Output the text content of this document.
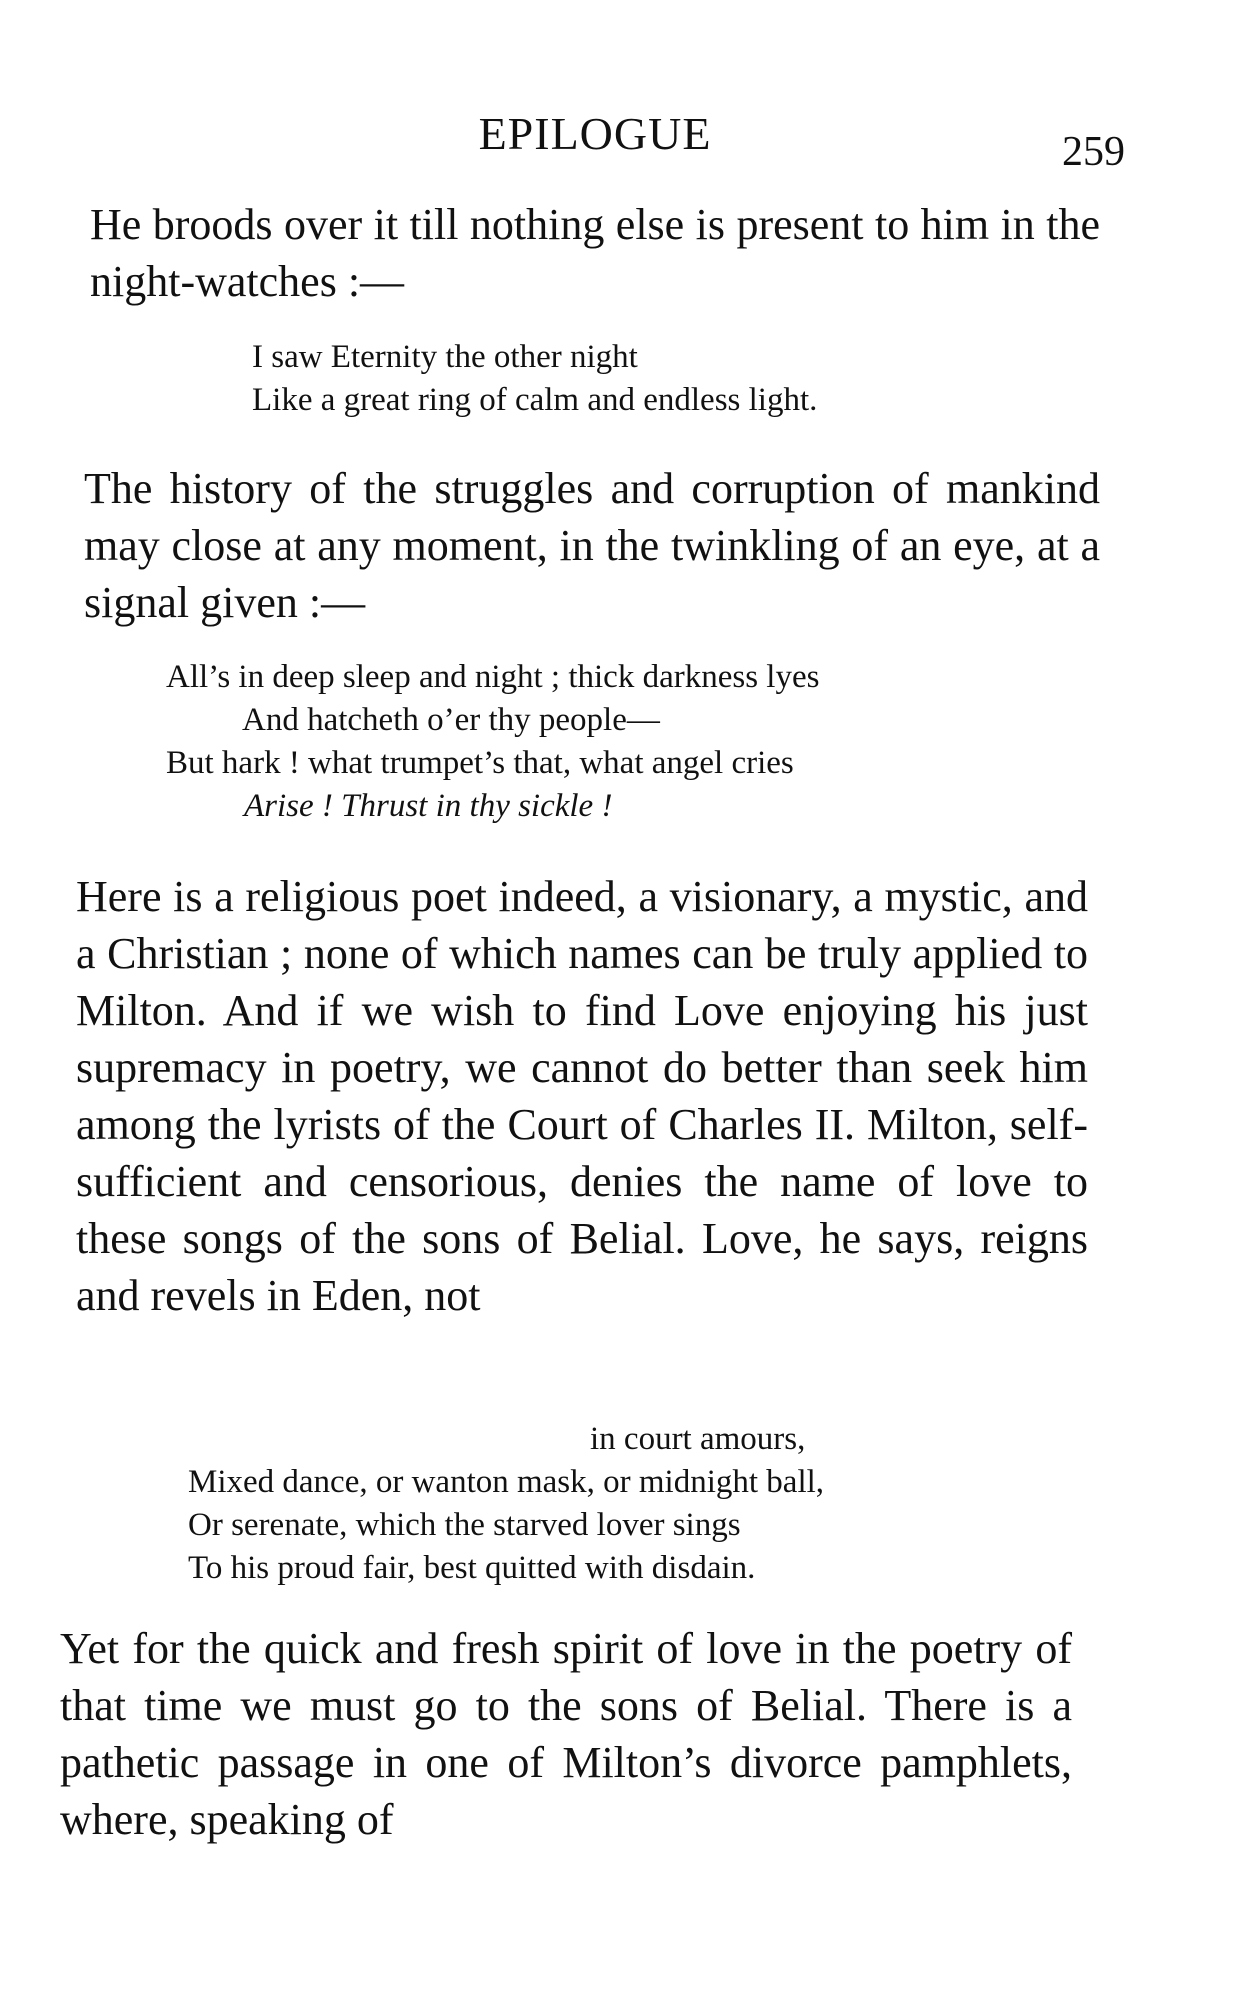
EPILOGUE	259

He broods over it till nothing else is present to him in the night-watches :—

I saw Eternity the other night
Like a great ring of calm and endless light.

The history of the struggles and corruption of mankind may close at any moment, in the twinkling of an eye, at a signal given :—

All’s in deep sleep and night ; thick darkness lyes
And hatcheth o’er thy people—
But hark ! what trumpet’s that, what angel cries
Arise ! Thrust in thy sickle !

Here is a religious poet indeed, a visionary, a mystic, and a Christian ; none of which names can be truly applied to Milton. And if we wish to find Love enjoying his just supremacy in poetry, we cannot do better than seek him among the lyrists of the Court of Charles II. Milton, self-sufficient and censorious, denies the name of love to these songs of the sons of Belial. Love, he says, reigns and revels in Eden, not

in court amours,
Mixed dance, or wanton mask, or midnight ball,
Or serenate, which the starved lover sings
To his proud fair, best quitted with disdain.

Yet for the quick and fresh spirit of love in the poetry of that time we must go to the sons of Belial. There is a pathetic passage in one of Milton’s divorce pamphlets, where, speaking of
